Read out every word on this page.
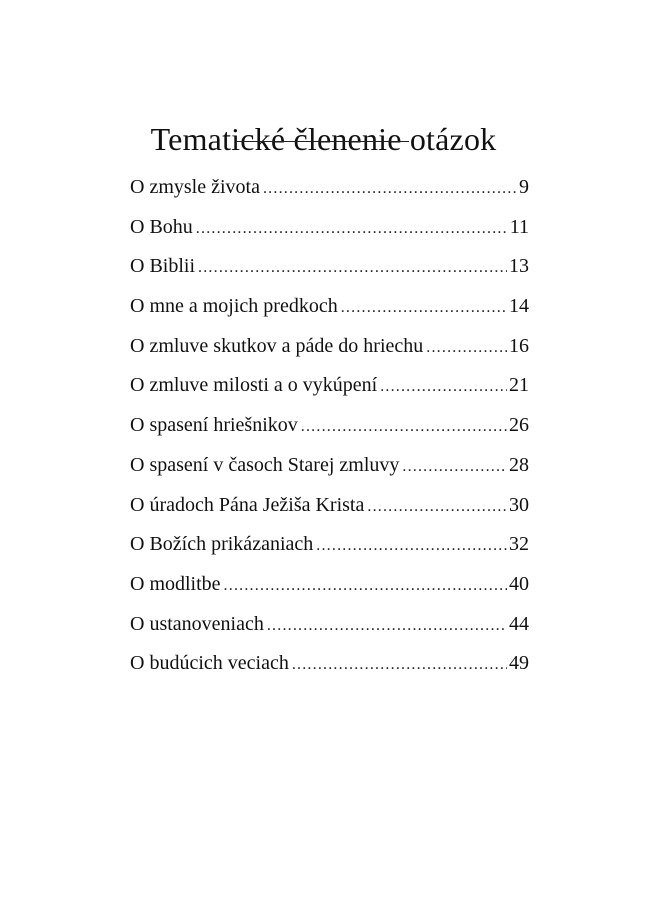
Tematické členenie otázok
O zmysle života .....	9
O Bohu .....	11
O Biblii .....	13
O mne a mojich predkoch .....	14
O zmluve skutkov a páde do hriechu .....	16
O zmluve milosti a o vykúpení .....	21
O spasení hriešnikov .....	26
O spasení v časoch Starej zmluvy .....	28
O úradoch Pána Ježiša Krista .....	30
O Božích prikázaniach .....	32
O modlitbe .....	40
O ustanoveniach .....	44
O budúcich veciach .....	49
